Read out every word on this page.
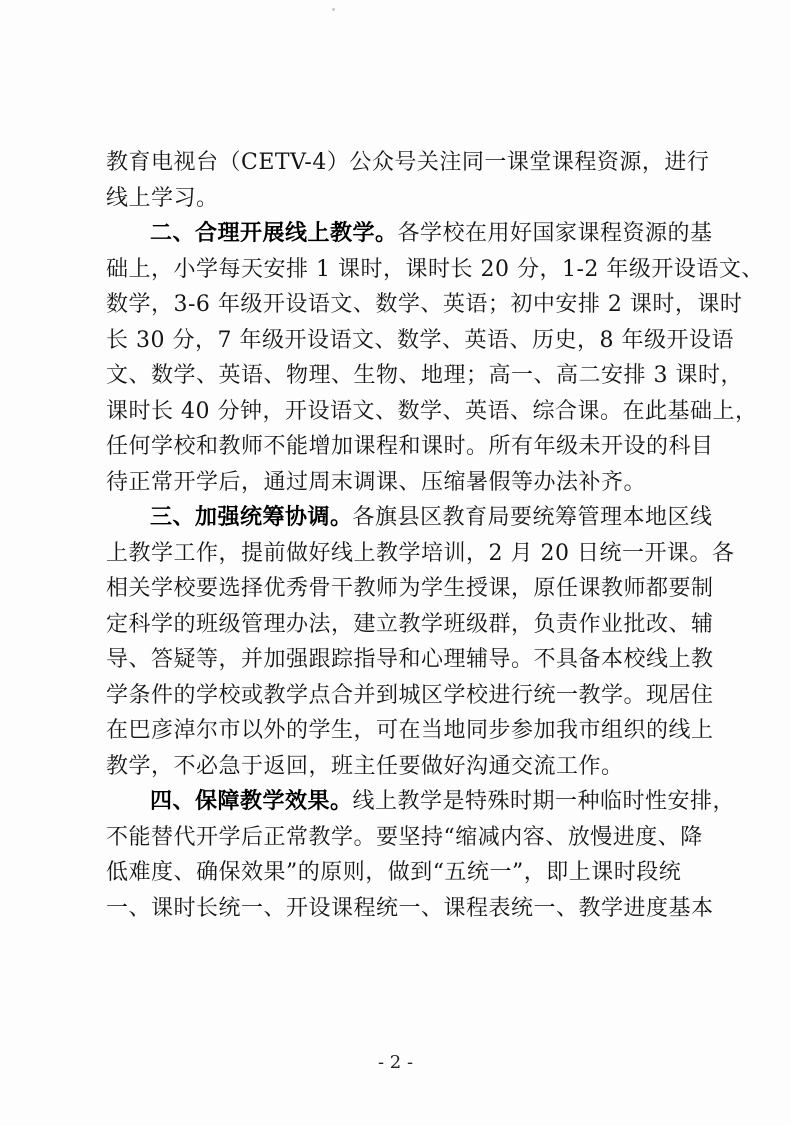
教育电视台（CETV-4）公众号关注同一课堂课程资源，进行
线上学习。
二、合理开展线上教学。各学校在用好国家课程资源的基
础上，小学每天安排 1 课时，课时长 20 分，1-2 年级开设语文、
数学，3-6 年级开设语文、数学、英语；初中安排 2 课时，课时
长 30 分，7 年级开设语文、数学、英语、历史，8 年级开设语
文、数学、英语、物理、生物、地理；高一、高二安排 3 课时，
课时长 40 分钟，开设语文、数学、英语、综合课。在此基础上，
任何学校和教师不能增加课程和课时。所有年级未开设的科目
待正常开学后，通过周末调课、压缩暑假等办法补齐。
三、加强统筹协调。各旗县区教育局要统筹管理本地区线
上教学工作，提前做好线上教学培训，2 月 20 日统一开课。各
相关学校要选择优秀骨干教师为学生授课，原任课教师都要制
定科学的班级管理办法，建立教学班级群，负责作业批改、辅
导、答疑等，并加强跟踪指导和心理辅导。不具备本校线上教
学条件的学校或教学点合并到城区学校进行统一教学。现居住
在巴彦淖尔市以外的学生，可在当地同步参加我市组织的线上
教学，不必急于返回，班主任要做好沟通交流工作。
四、保障教学效果。线上教学是特殊时期一种临时性安排，
不能替代开学后正常教学。要坚持“缩减内容、放慢进度、降
低难度、确保效果”的原则，做到“五统一”，即上课时段统
一、课时长统一、开设课程统一、课程表统一、教学进度基本
- 2 -
